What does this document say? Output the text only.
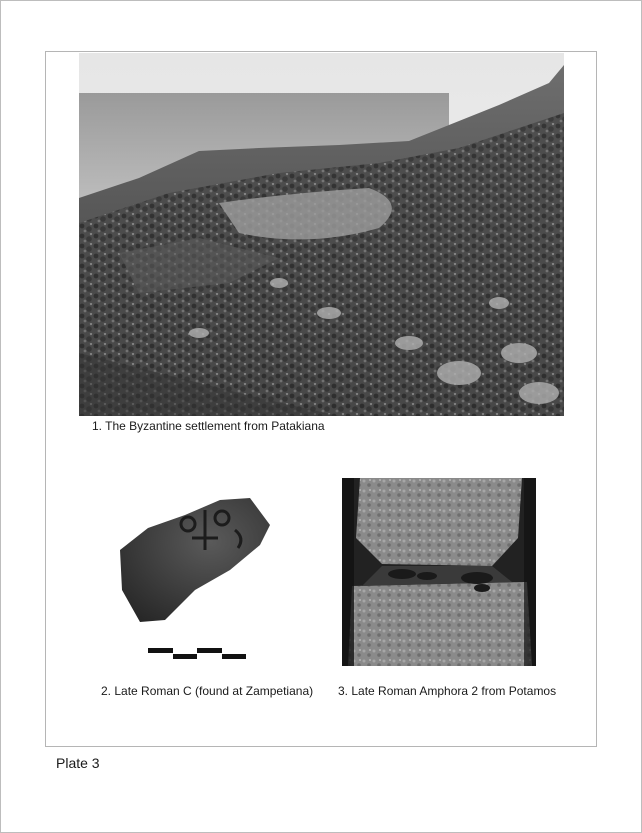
1. The Byzantine settlement from Patakiana
2. Late Roman C (found at Zampetiana) 3. Late Roman Amphora 2 from Potamos
Plate 3
